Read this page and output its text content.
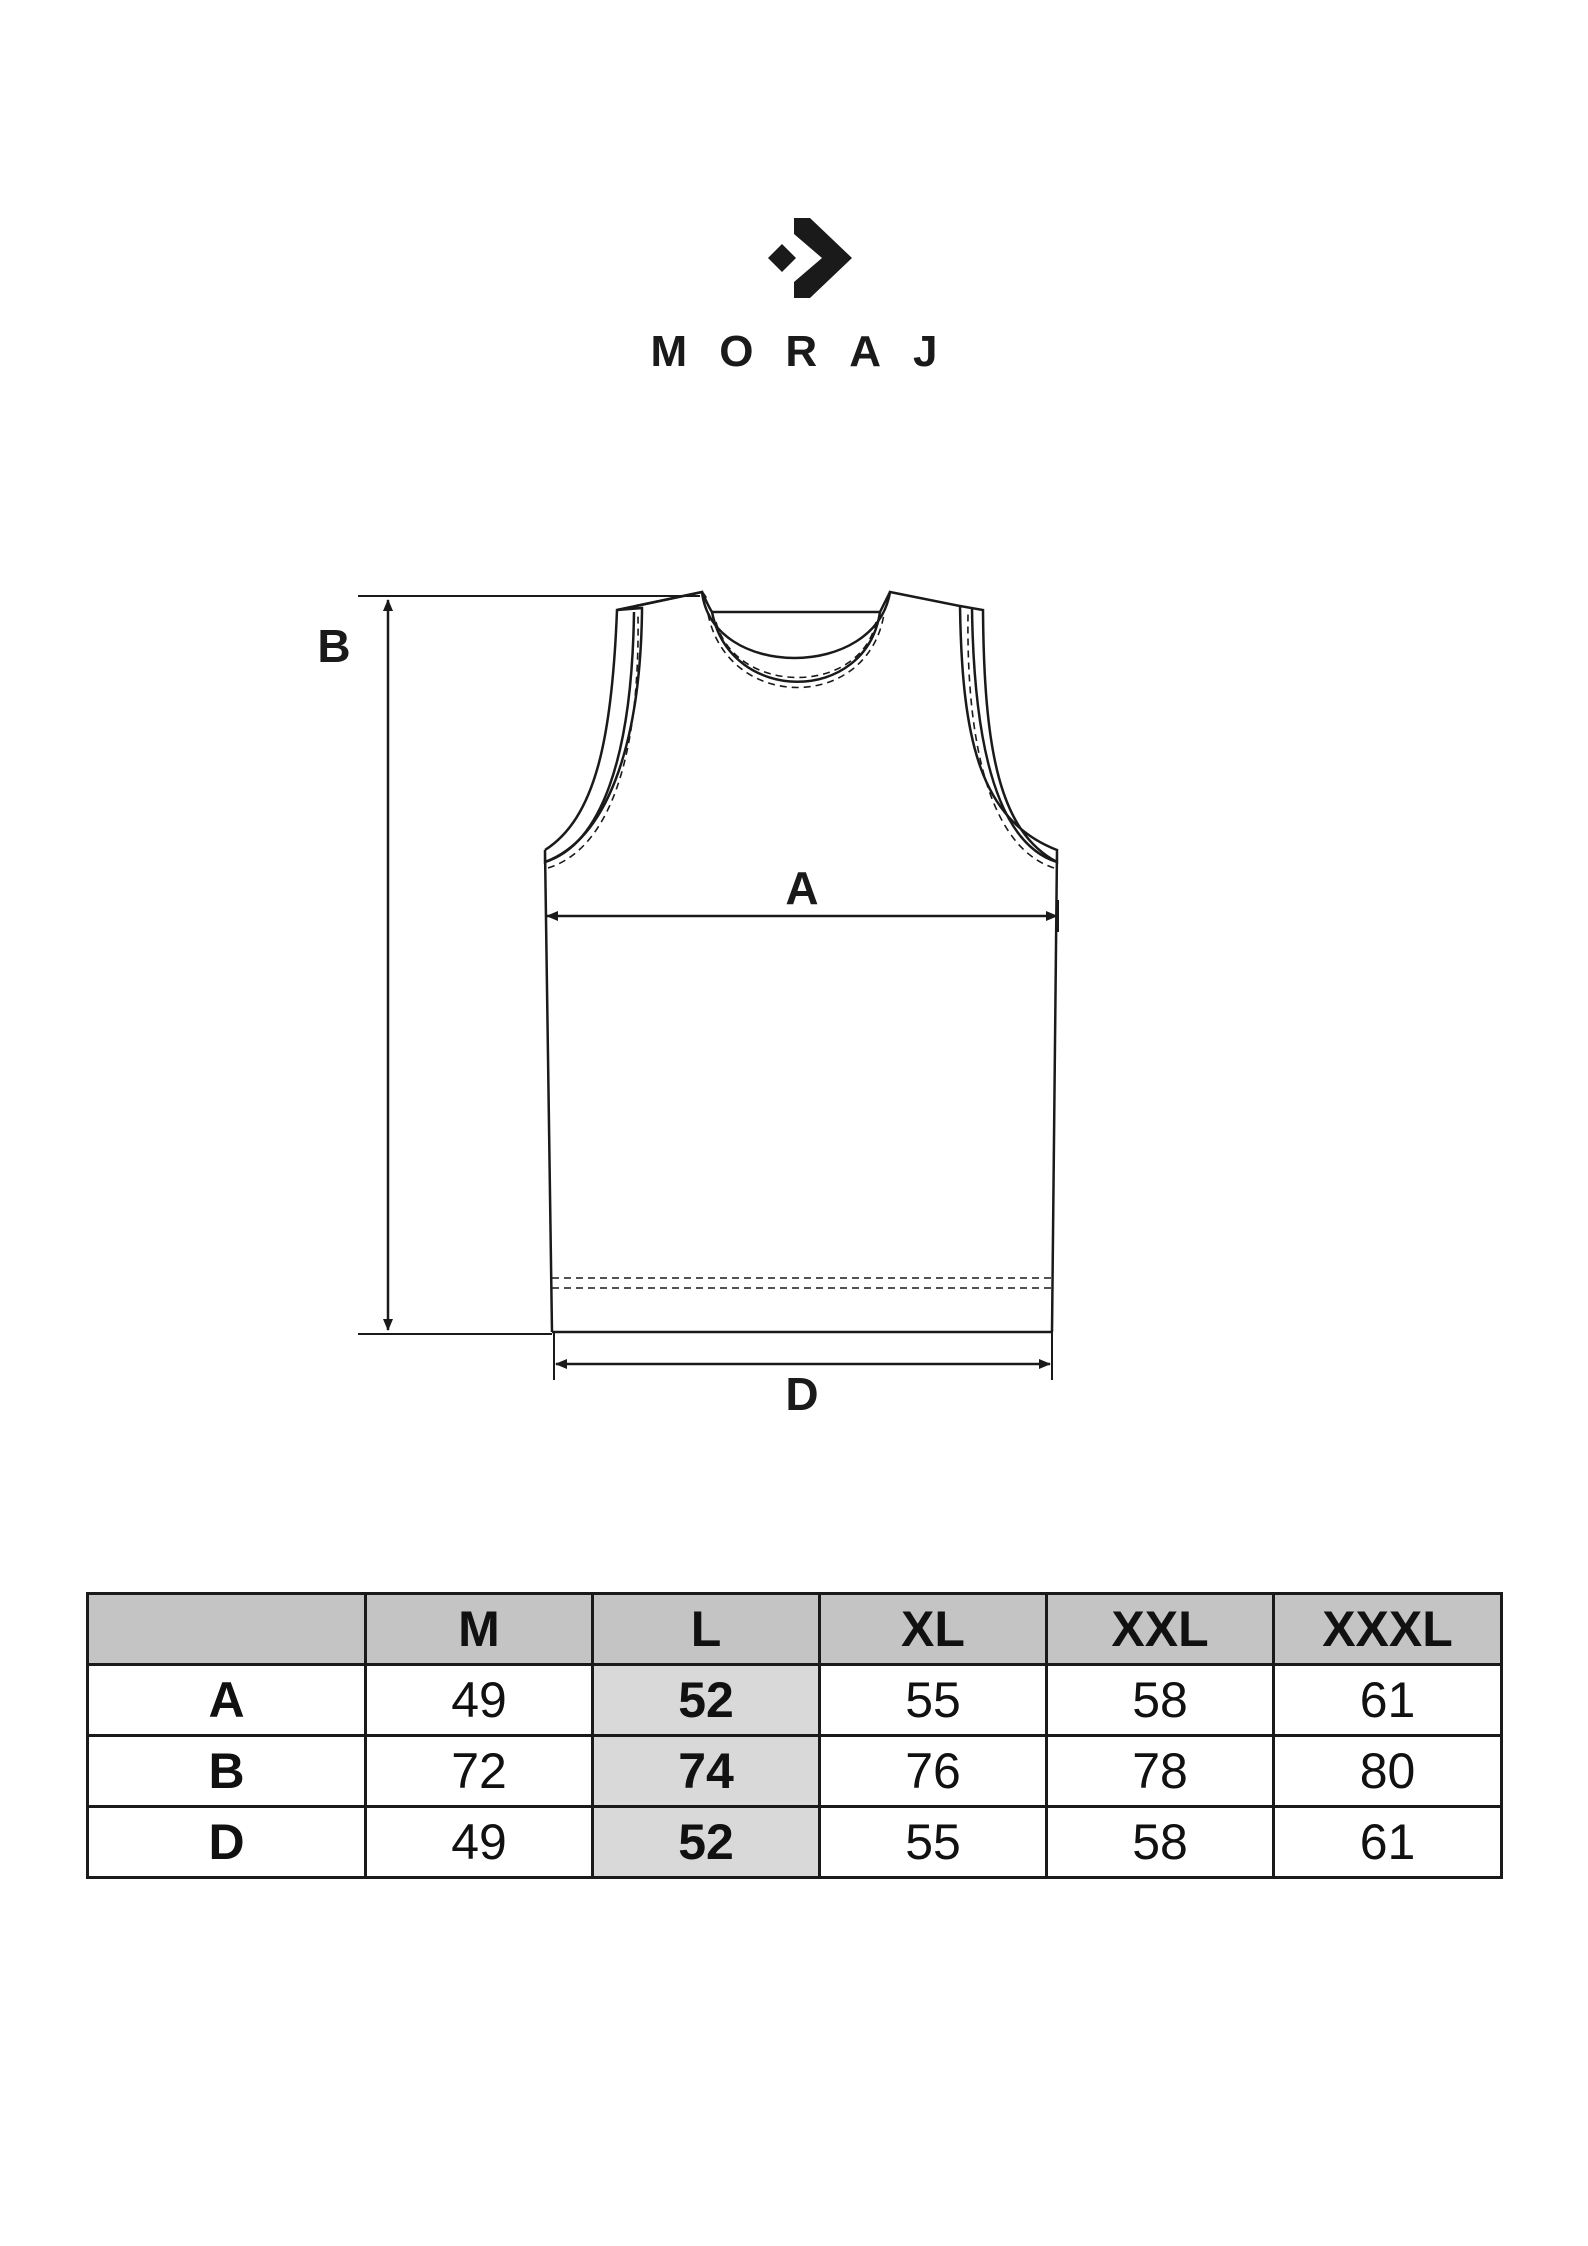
MORAJ
B
A
D
	M	L	XL	XXL	XXXL
A	49	52	55	58	61
B	72	74	76	78	80
D	49	52	55	58	61
